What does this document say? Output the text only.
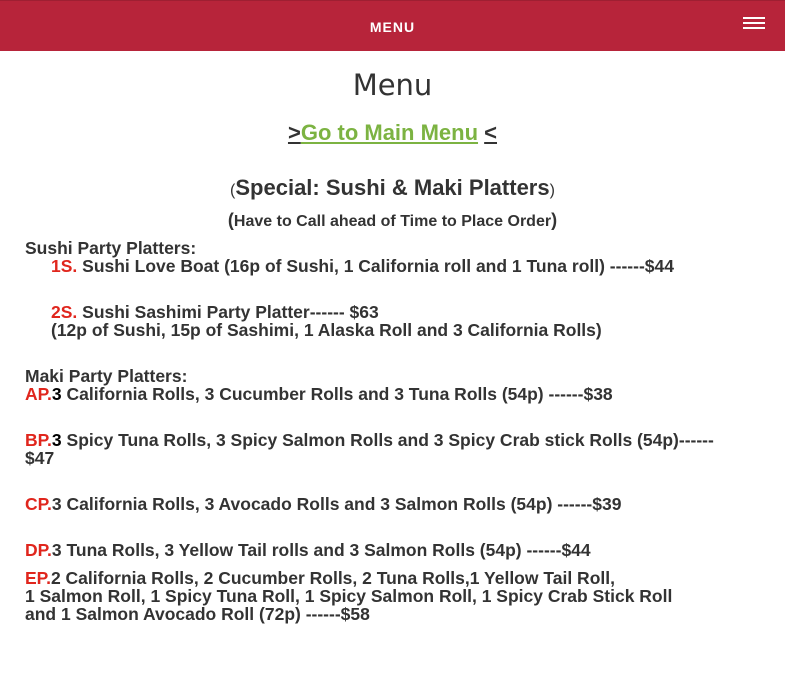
MENU
Menu
>Go to Main Menu <
(Special: Sushi & Maki Platters)
(Have to Call ahead of Time to Place Order)
Sushi Party Platters:
1S. Sushi Love Boat (16p of Sushi, 1 California roll and 1 Tuna roll) ------$44
2S. Sushi Sashimi Party Platter------ $63
(12p of Sushi, 15p of Sashimi, 1 Alaska Roll and 3 California Rolls)
Maki Party Platters:
AP.3 California Rolls, 3 Cucumber Rolls and 3 Tuna Rolls (54p) ------$38
BP.3 Spicy Tuna Rolls, 3 Spicy Salmon Rolls and 3 Spicy Crab stick Rolls (54p)------
$47
CP.3 California Rolls, 3 Avocado Rolls and 3 Salmon Rolls (54p) ------$39
DP.3 Tuna Rolls, 3 Yellow Tail rolls and 3 Salmon Rolls (54p) ------$44
EP.2 California Rolls, 2 Cucumber Rolls, 2 Tuna Rolls,1 Yellow Tail Roll,
1 Salmon Roll, 1 Spicy Tuna Roll, 1 Spicy Salmon Roll, 1 Spicy Crab Stick Roll
and 1 Salmon Avocado Roll (72p) ------$58
